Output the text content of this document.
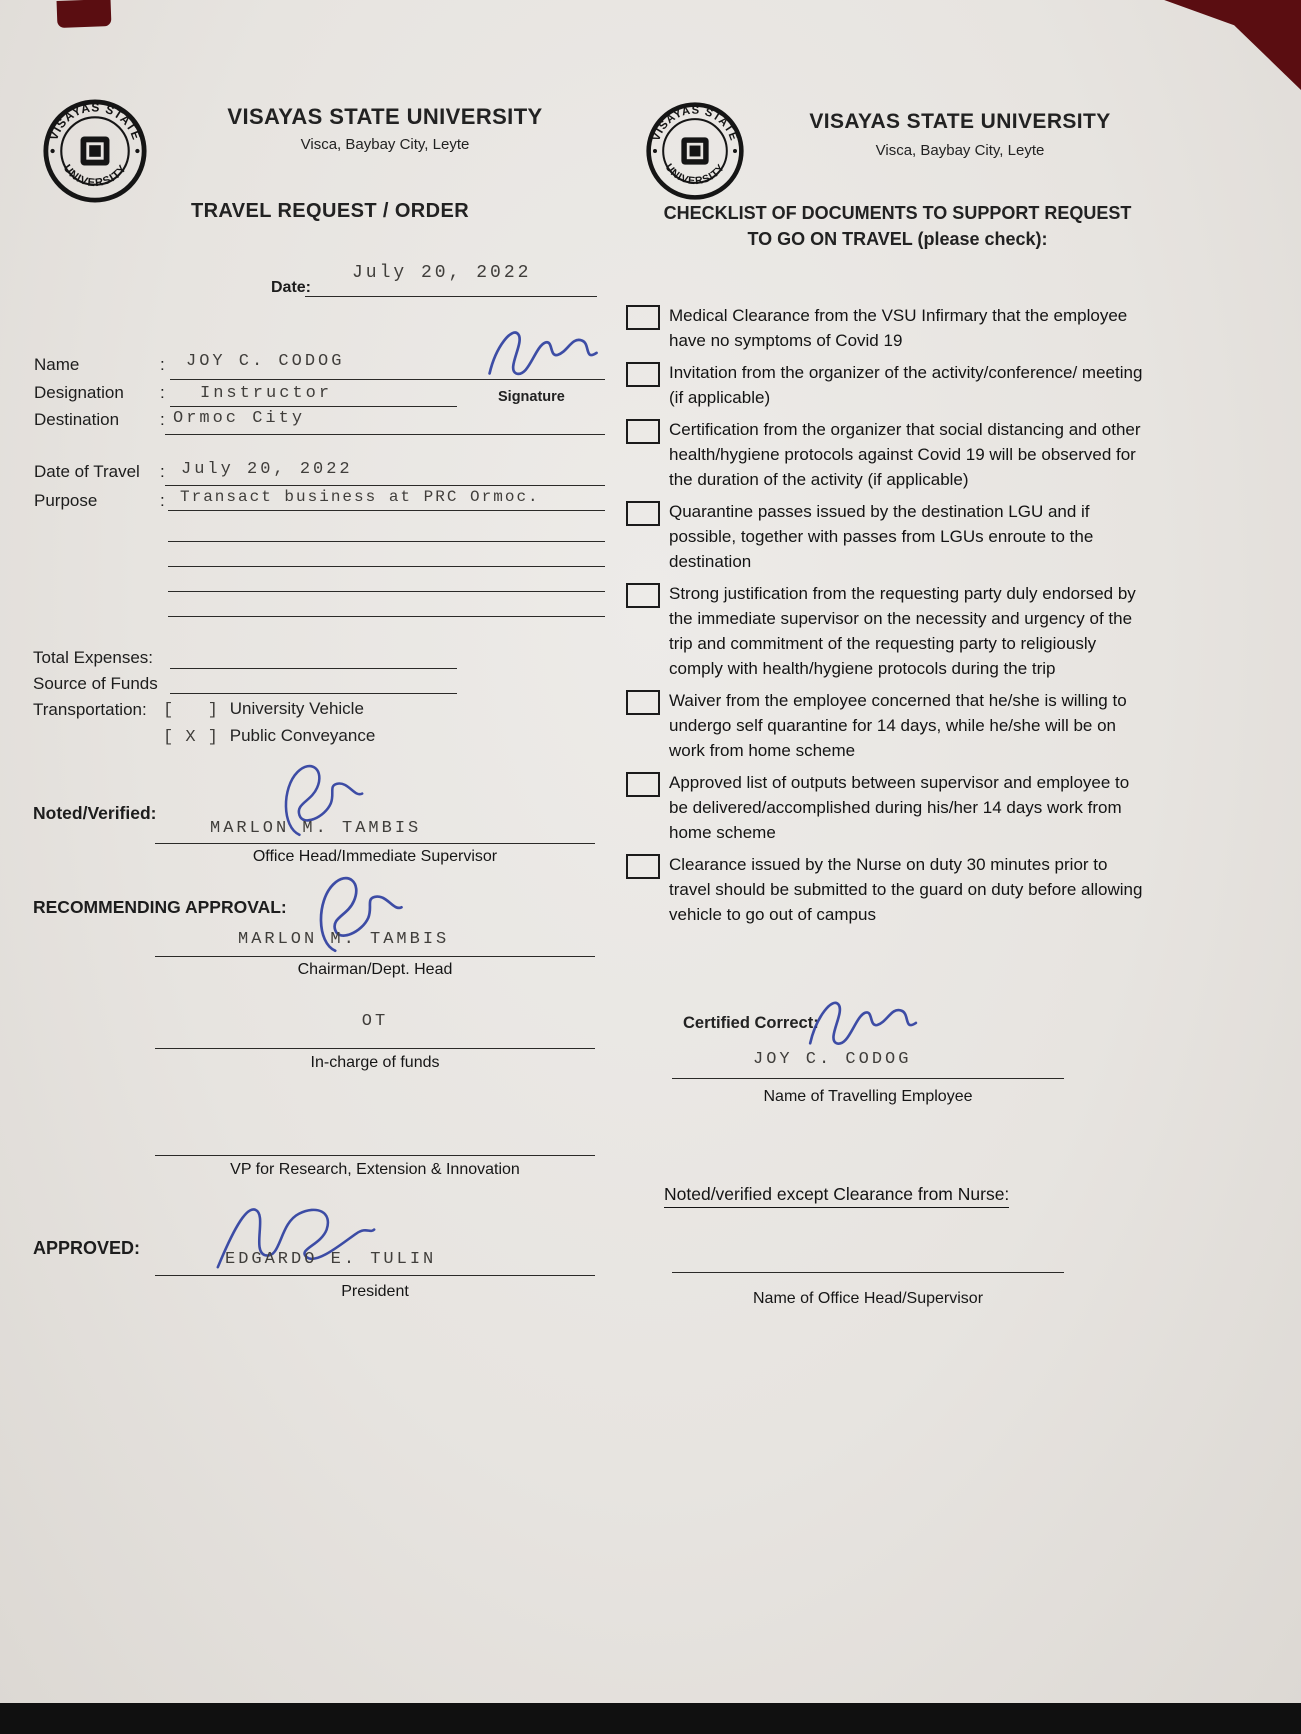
VISAYAS STATE
UNIVERSITY
VISAYAS STATE UNIVERSITY
Visca, Baybay City, Leyte
TRAVEL REQUEST / ORDER
Date:
July 20, 2022
Name	: JOY C. CODOG
Designation : Instructor	Signature
Destination : Ormoc City
Date of Travel : July 20, 2022
Purpose	: Transact business at PRC Ormoc.
Total Expenses:
Source of Funds
Transportation: [   ] University Vehicle
[ X ] Public Conveyance
Noted/Verified:
MARLON M. TAMBIS
Office Head/Immediate Supervisor
RECOMMENDING APPROVAL:
MARLON M. TAMBIS
Chairman/Dept. Head
OT
In-charge of funds
VP for Research, Extension & Innovation
APPROVED:
EDGARDO E. TULIN
President
VISAYAS STATE
UNIVERSITY
VISAYAS STATE UNIVERSITY
Visca, Baybay City, Leyte
CHECKLIST OF DOCUMENTS TO SUPPORT REQUEST
TO GO ON TRAVEL (please check):
Medical Clearance from the VSU Infirmary that the employee have no symptoms of Covid 19
Invitation from the organizer of the activity/conference/ meeting (if applicable)
Certification from the organizer that social distancing and other health/hygiene protocols against Covid 19 will be observed for the duration of the activity (if applicable)
Quarantine passes issued by the destination LGU and if possible, together with passes from LGUs enroute to the destination
Strong justification from the requesting party duly endorsed by the immediate supervisor on the necessity and urgency of the trip and commitment of the requesting party to religiously comply with health/hygiene protocols during the trip
Waiver from the employee concerned that he/she is willing to undergo self quarantine for 14 days, while he/she will be on work from home scheme
Approved list of outputs between supervisor and employee to be delivered/accomplished during his/her 14 days work from home scheme
Clearance issued by the Nurse on duty 30 minutes prior to travel should be submitted to the guard on duty before allowing vehicle to go out of campus
Certified Correct:
JOY C. CODOG
Name of Travelling Employee
Noted/verified except Clearance from Nurse:
Name of Office Head/Supervisor
